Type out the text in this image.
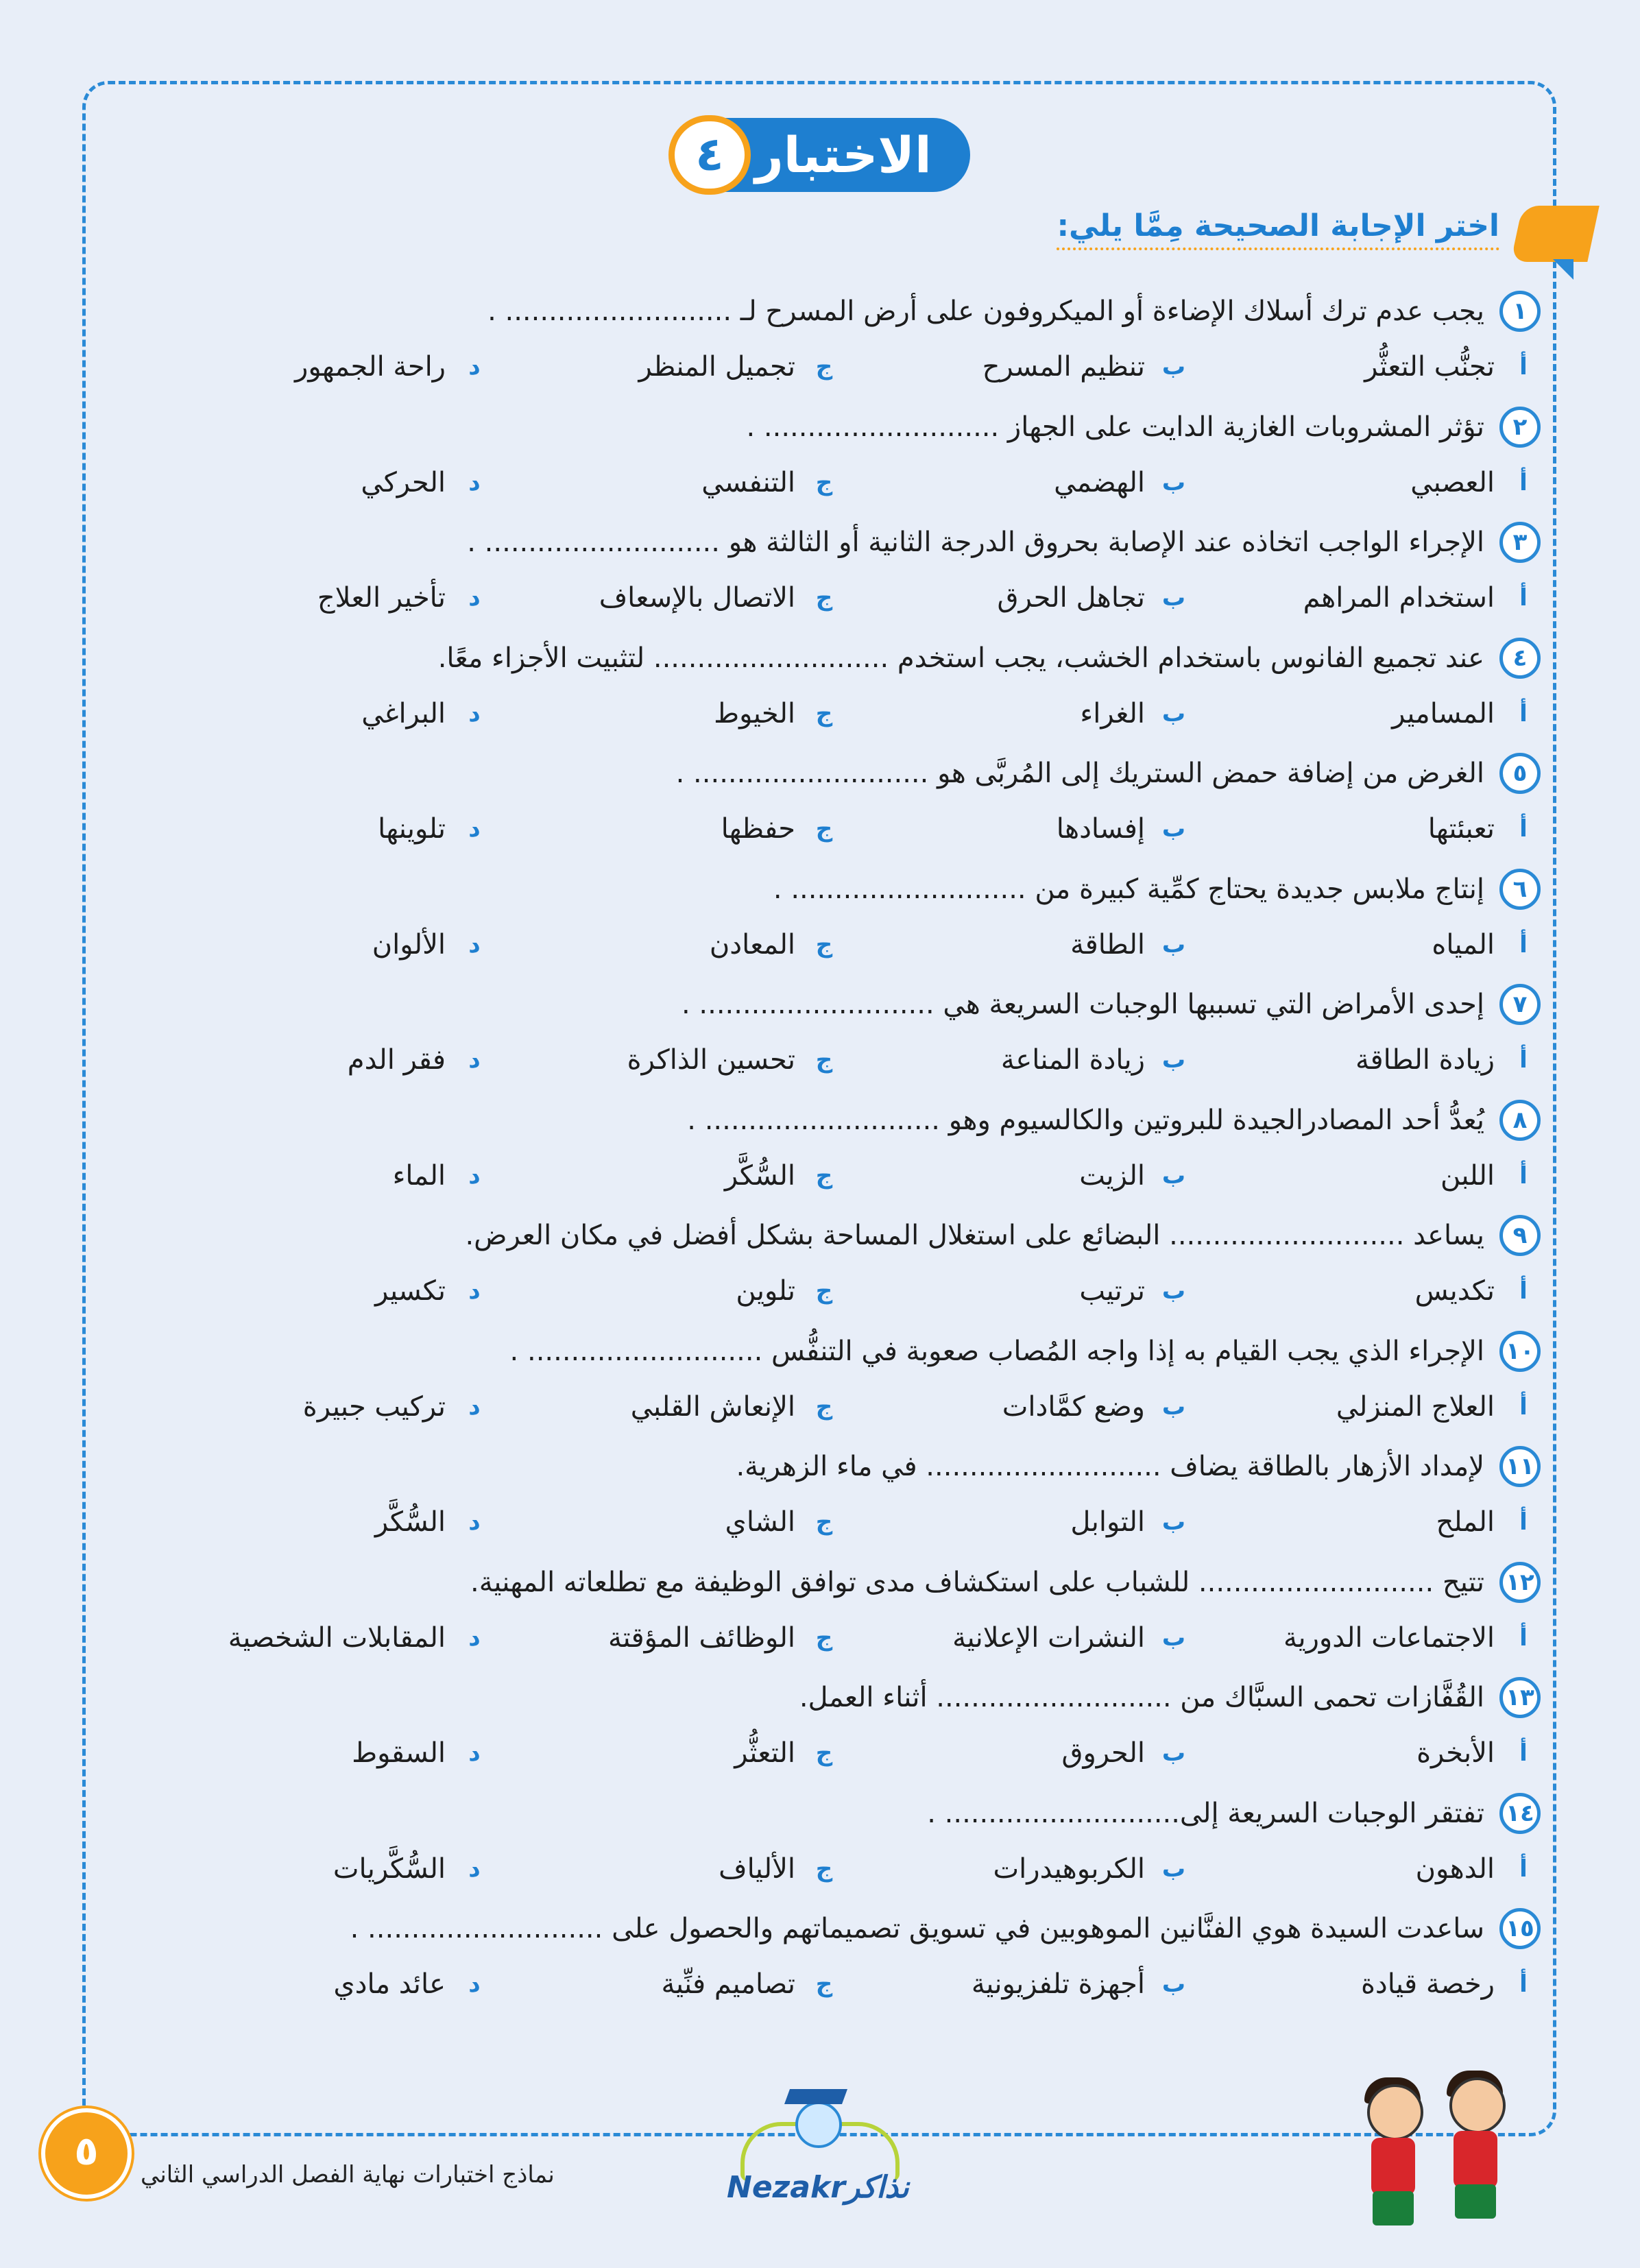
الاختبار
٤
اختر الإجابة الصحيحة مِمَّا يلي:
١
يجب عدم ترك أسلاك الإضاءة أو الميكروفون على أرض المسرح لـ .......................... .
أ
تجنُّب التعثُّر
ب
تنظيم المسرح
ج
تجميل المنظر
د
راحة الجمهور
٢
تؤثر المشروبات الغازية الدايت على الجهاز ........................... .
أ
العصبي
ب
الهضمي
ج
التنفسي
د
الحركي
٣
الإجراء الواجب اتخاذه عند الإصابة بحروق الدرجة الثانية أو الثالثة هو ........................... .
أ
استخدام المراهم
ب
تجاهل الحرق
ج
الاتصال بالإسعاف
د
تأخير العلاج
٤
عند تجميع الفانوس باستخدام الخشب، يجب استخدم ........................... لتثبيت الأجزاء معًا.
أ
المسامير
ب
الغراء
ج
الخيوط
د
البراغي
٥
الغرض من إضافة حمض الستريك إلى المُربَّى هو ........................... .
أ
تعبئتها
ب
إفسادها
ج
حفظها
د
تلوينها
٦
إنتاج ملابس جديدة يحتاج كمِّية كبيرة من ........................... .
أ
المياه
ب
الطاقة
ج
المعادن
د
الألوان
٧
إحدى الأمراض التي تسببها الوجبات السريعة هي ........................... .
أ
زيادة الطاقة
ب
زيادة المناعة
ج
تحسين الذاكرة
د
فقر الدم
٨
يُعدُّ أحد المصادرالجيدة للبروتين والكالسيوم وهو ........................... .
أ
اللبن
ب
الزيت
ج
السُّكَّر
د
الماء
٩
يساعد ........................... البضائع على استغلال المساحة بشكل أفضل في مكان العرض.
أ
تكديس
ب
ترتيب
ج
تلوين
د
تكسير
١٠
الإجراء الذي يجب القيام به إذا واجه المُصاب صعوبة في التنفُّس ........................... .
أ
العلاج المنزلي
ب
وضع كمَّادات
ج
الإنعاش القلبي
د
تركيب جبيرة
١١
لإمداد الأزهار بالطاقة يضاف ........................... في ماء الزهرية.
أ
الملح
ب
التوابل
ج
الشاي
د
السُّكَّر
١٢
تتيح ........................... للشباب على استكشاف مدى توافق الوظيفة مع تطلعاته المهنية.
أ
الاجتماعات الدورية
ب
النشرات الإعلانية
ج
الوظائف المؤقتة
د
المقابلات الشخصية
١٣
القُفَّازات تحمى السبَّاك من ........................... أثناء العمل.
أ
الأبخرة
ب
الحروق
ج
التعثُّر
د
السقوط
١٤
تفتقر الوجبات السريعة إلى........................... .
أ
الدهون
ب
الكربوهيدرات
ج
الألياف
د
السُّكَّريات
١٥
ساعدت السيدة هوي الفنَّانين الموهوبين في تسويق تصميماتهم والحصول على ........................... .
أ
رخصة قيادة
ب
أجهزة تلفزيونية
ج
تصاميم فنِّية
د
عائد مادي
٥
نماذج اختبارات نهاية الفصل الدراسي الثاني	Nezakrنذاكر
